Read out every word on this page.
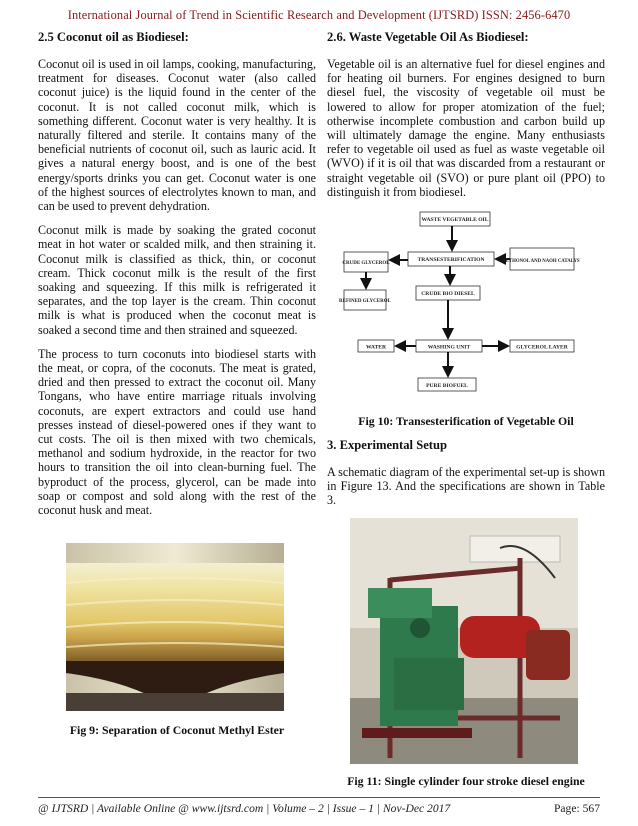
International Journal of Trend in Scientific Research and Development (IJTSRD) ISSN: 2456-6470
2.5 Coconut oil as Biodiesel:

Coconut oil is used in oil lamps, cooking, manufacturing, treatment for diseases. Coconut water (also called coconut juice) is the liquid found in the center of the coconut. It is not called coconut milk, which is something different. Coconut water is very healthy. It is naturally filtered and sterile. It contains many of the beneficial nutrients of coconut oil, such as lauric acid. It gives a natural energy boost, and is one of the best energy/sports drinks you can get. Coconut water is one of the highest sources of electrolytes known to man, and can be used to prevent dehydration.

Coconut milk is made by soaking the grated coconut meat in hot water or scalded milk, and then straining it. Coconut milk is classified as thick, thin, or coconut cream. Thick coconut milk is the result of the first soaking and squeezing. If this milk is refrigerated it separates, and the top layer is the cream. Thin coconut milk is what is produced when the coconut meat is soaked a second time and then strained and squeezed.

The process to turn coconuts into biodiesel starts with the meat, or copra, of the coconuts. The meat is grated, dried and then pressed to extract the coconut oil. Many Tongans, who have entire marriage rituals involving coconuts, are expert extractors and could use hand presses instead of diesel-powered ones if they want to cut costs. The oil is then mixed with two chemicals, methanol and sodium hydroxide, in the reactor for two hours to transition the oil into clean-burning fuel. The byproduct of the process, glycerol, can be made into soap or compost and sold along with the rest of the coconut husk and meat.

Fig 9: Separation of Coconut Methyl Ester
2.6. Waste Vegetable Oil As Biodiesel:

Vegetable oil is an alternative fuel for diesel engines and for heating oil burners. For engines designed to burn diesel fuel, the viscosity of vegetable oil must be lowered to allow for proper atomization of the fuel; otherwise incomplete combustion and carbon build up will ultimately damage the engine. Many enthusiasts refer to vegetable oil used as fuel as waste vegetable oil (WVO) if it is oil that was discarded from a restaurant or straight vegetable oil (SVO) or pure plant oil (PPO) to distinguish it from biodiesel.

WASTE VEGETABLE OIL
TRANSESTERIFICATION
CRUDE BIO DIESEL
WATER	WASHING UNIT	GLYCEROL LAYER
PURE BIOFUEL
CRUDE GLYCEROL
REFINED GLYCEROL
METHONOL AND NAOH CATALYST
Fig 10: Transesterification of Vegetable Oil
3. Experimental Setup

A schematic diagram of the experimental set-up is shown in Figure 13. And the specifications are shown in Table 3.

Fig 11: Single cylinder four stroke diesel engine
@ IJTSRD | Available Online @ www.ijtsrd.com | Volume – 2 | Issue – 1 | Nov-Dec 2017	Page: 567
